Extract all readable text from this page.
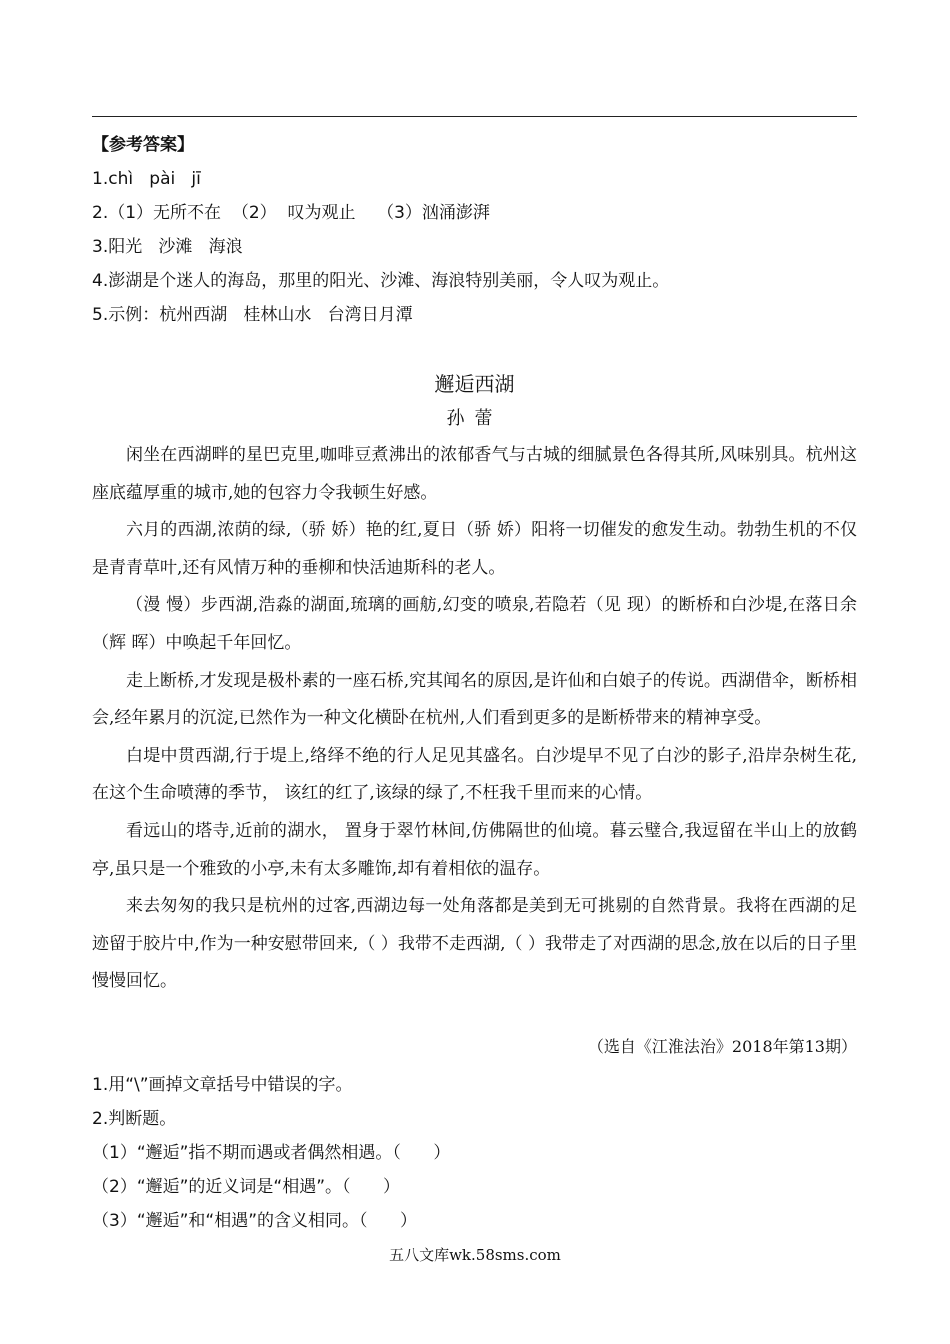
【参考答案】
1.chì   pài   jī
2.（1）无所不在  （2）  叹为观止    （3）汹涌澎湃
3.阳光   沙滩   海浪
4.澎湖是个迷人的海岛，那里的阳光、沙滩、海浪特别美丽，令人叹为观止。
5.示例：杭州西湖   桂林山水   台湾日月潭
邂逅西湖
孙蕾

闲坐在西湖畔的星巴克里,咖啡豆煮沸出的浓郁香气与古城的细腻景色各得其所,风味别具。杭州这座底蕴厚重的城市,她的包容力令我顿生好感。

六月的西湖,浓荫的绿,（骄 娇）艳的红,夏日（骄 娇）阳将一切催发的愈发生动。勃勃生机的不仅是青青草叶,还有风情万种的垂柳和快活迪斯科的老人。

（漫 慢）步西湖,浩淼的湖面,琉璃的画舫,幻变的喷泉,若隐若（见 现）的断桥和白沙堤,在落日余（辉 晖）中唤起千年回忆。

走上断桥,才发现是极朴素的一座石桥,究其闻名的原因,是许仙和白娘子的传说。西湖借伞，断桥相会,经年累月的沉淀,已然作为一种文化横卧在杭州,人们看到更多的是断桥带来的精神享受。

白堤中贯西湖,行于堤上,络绎不绝的行人足见其盛名。白沙堤早不见了白沙的影子,沿岸杂树生花,在这个生命喷薄的季节， 该红的红了,该绿的绿了,不枉我千里而来的心情。

看远山的塔寺,近前的湖水， 置身于翠竹林间,仿佛隔世的仙境。暮云璧合,我逗留在半山上的放鹤亭,虽只是一个雅致的小亭,未有太多雕饰,却有着相依的温存。

来去匆匆的我只是杭州的过客,西湖边每一处角落都是美到无可挑剔的自然背景。我将在西湖的足迹留于胶片中,作为一种安慰带回来,（ ）我带不走西湖,（ ）我带走了对西湖的思念,放在以后的日子里慢慢回忆。

（选自《江淮法治》2018年第13期）
1.用“\”画掉文章括号中错误的字。
2.判断题。
（1）“邂逅”指不期而遇或者偶然相遇。（      ）
（2）“邂逅”的近义词是“相遇”。（      ）
（3）“邂逅”和“相遇”的含义相同。（      ）
五八文库wk.58sms.com
